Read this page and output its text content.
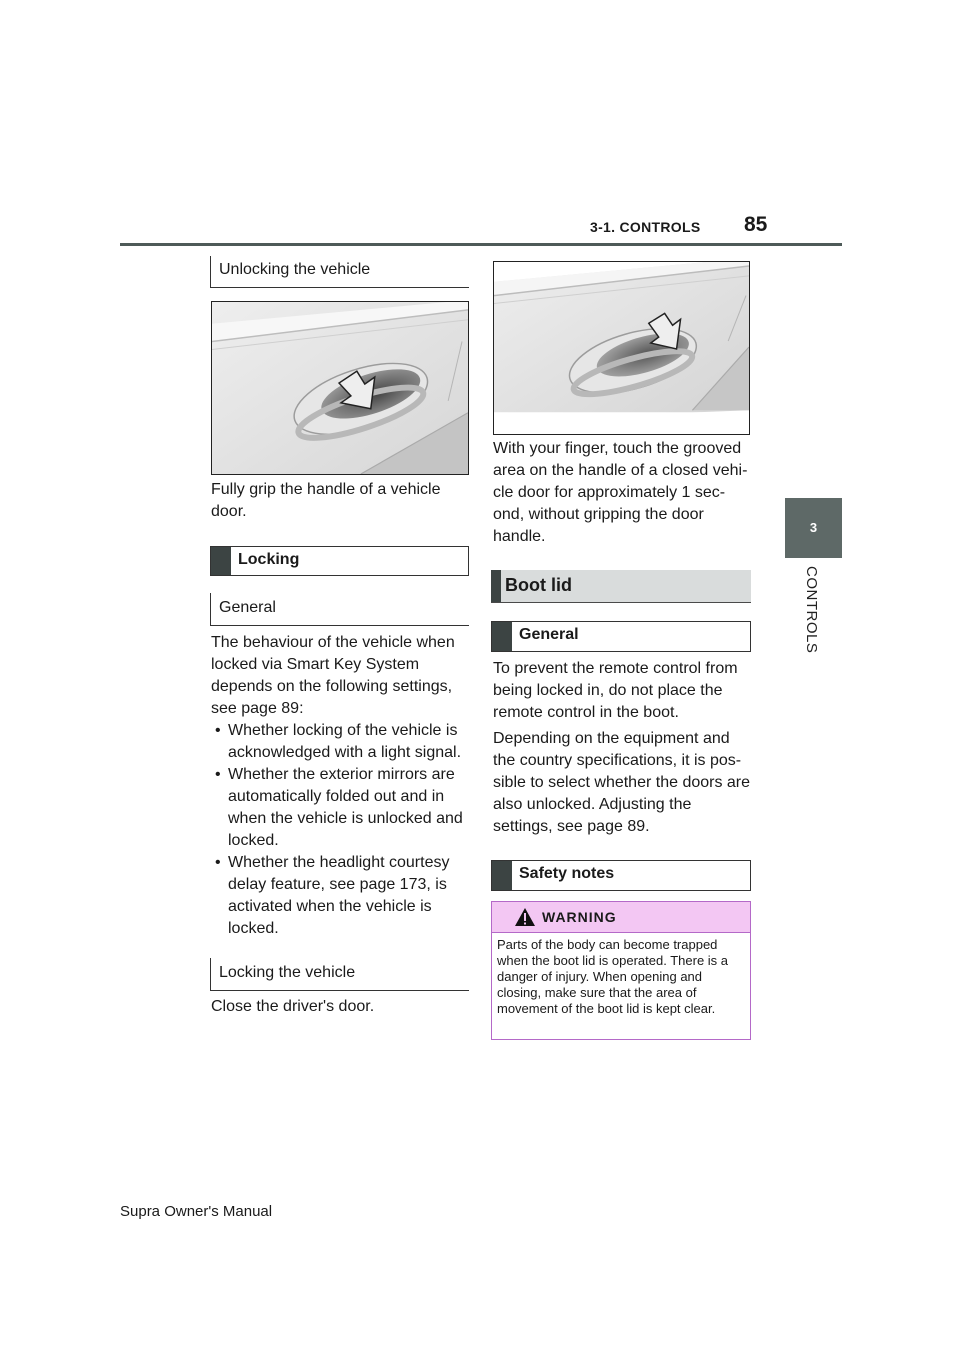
3-1. CONTROLS 85
3
CONTROLS
Unlocking the vehicle
Fully grip the handle of a vehicle door.
Locking
General

The behaviour of the vehicle when locked via Smart Key System depends on the following settings, see page 89:

• Whether locking of the vehicle is acknowledged with a light signal.
• Whether the exterior mirrors are automatically folded out and in when the vehicle is unlocked and locked.
• Whether the headlight courtesy delay feature, see page 173, is activated when the vehicle is locked.
Locking the vehicle
Close the driver's door.
With your finger, touch the grooved area on the handle of a closed vehi-cle door for approximately 1 sec-ond, without gripping the door handle.
Boot lid
General

To prevent the remote control from being locked in, do not place the remote control in the boot.

Depending on the equipment and the country specifications, it is pos-sible to select whether the doors are also unlocked. Adjusting the settings, see page 89.

Safety notes
WARNING
Parts of the body can become trapped when the boot lid is operated. There is a danger of injury. When opening and closing, make sure that the area of movement of the boot lid is kept clear.
Supra Owner's Manual
